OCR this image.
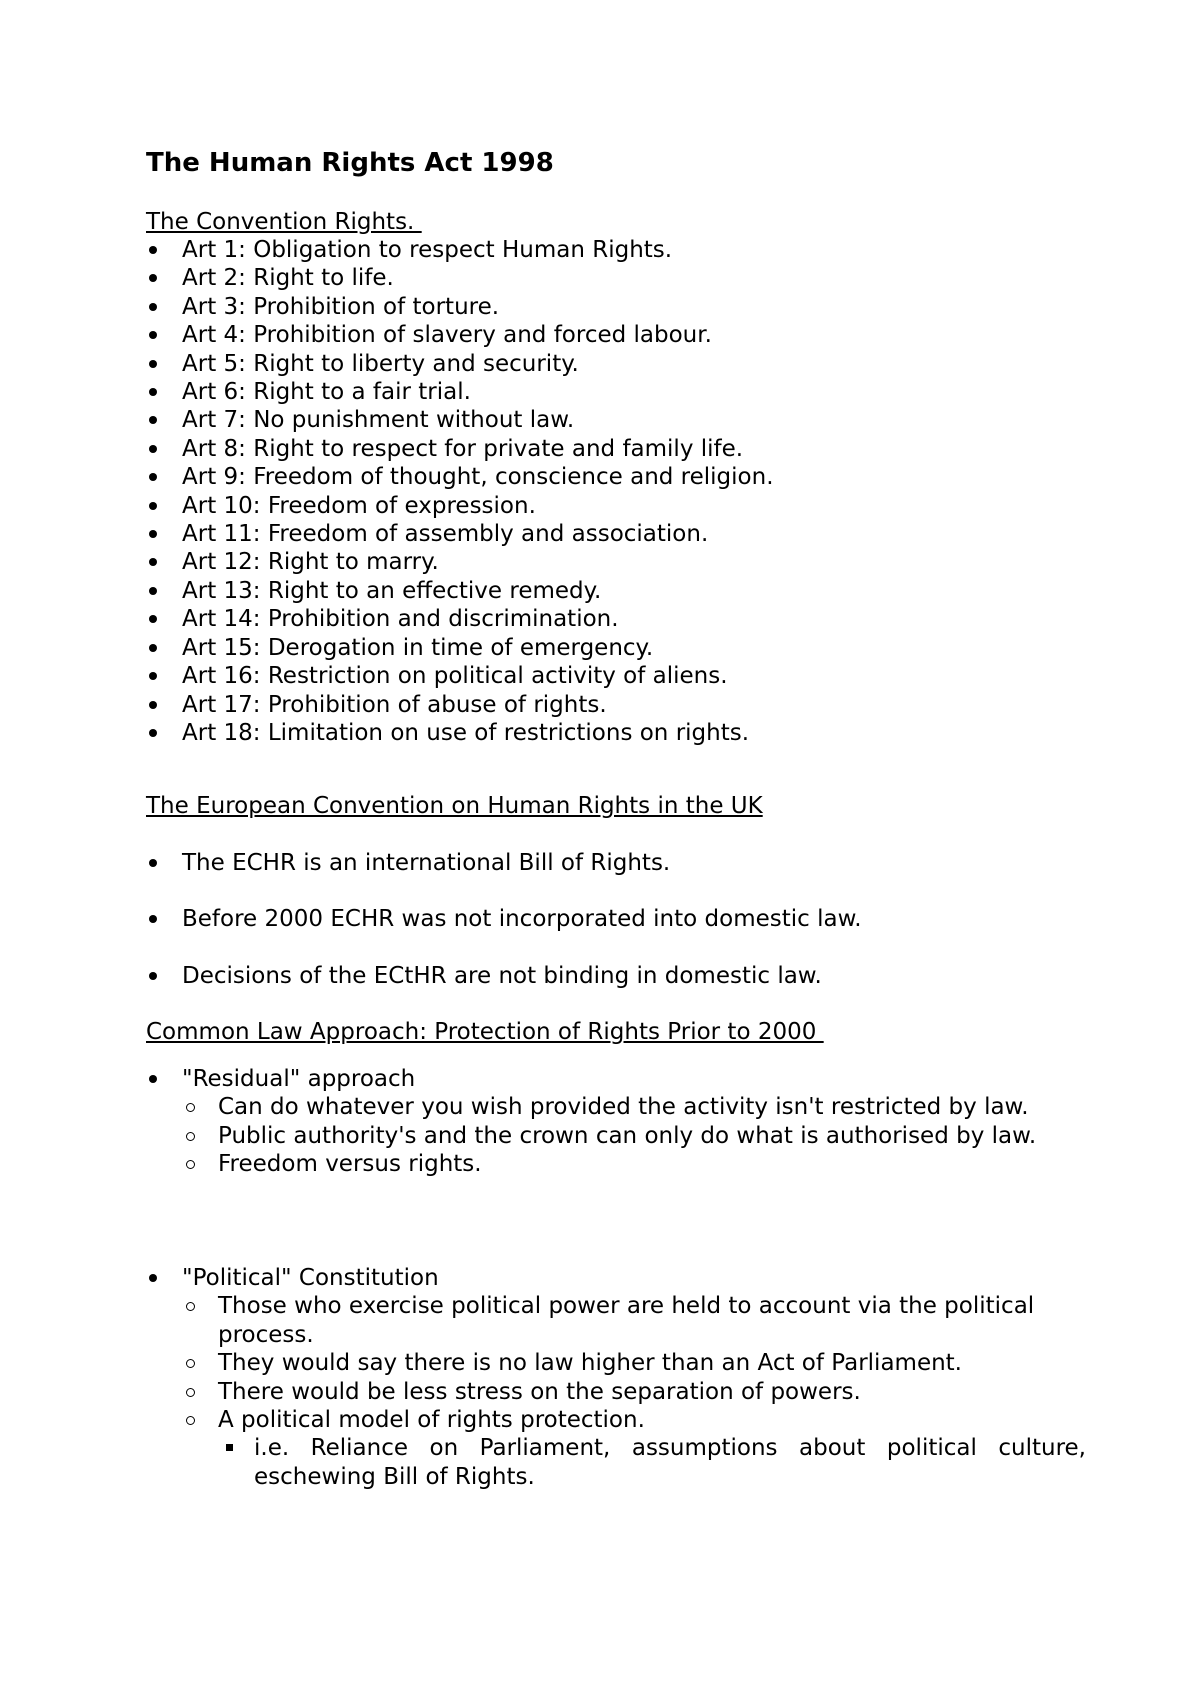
The Human Rights Act 1998
The Convention Rights.
Art 1: Obligation to respect Human Rights.
Art 2: Right to life.
Art 3: Prohibition of torture.
Art 4: Prohibition of slavery and forced labour.
Art 5: Right to liberty and security.
Art 6: Right to a fair trial.
Art 7: No punishment without law.
Art 8: Right to respect for private and family life.
Art 9: Freedom of thought, conscience and religion.
Art 10: Freedom of expression.
Art 11: Freedom of assembly and association.
Art 12: Right to marry.
Art 13: Right to an effective remedy.
Art 14: Prohibition and discrimination.
Art 15: Derogation in time of emergency.
Art 16: Restriction on political activity of aliens.
Art 17: Prohibition of abuse of rights.
Art 18: Limitation on use of restrictions on rights.
The European Convention on Human Rights in the UK
The ECHR is an international Bill of Rights.
Before 2000 ECHR was not incorporated into domestic law.
Decisions of the ECtHR are not binding in domestic law.
Common Law Approach: Protection of Rights Prior to 2000
"Residual" approach
Can do whatever you wish provided the activity isn't restricted by law.
Public authority's and the crown can only do what is authorised by law.
Freedom versus rights.
"Political" Constitution
Those who exercise political power are held to account via the political process.
They would say there is no law higher than an Act of Parliament.
There would be less stress on the separation of powers.
A political model of rights protection.
i.e. Reliance on Parliament, assumptions about political culture, eschewing Bill of Rights.
